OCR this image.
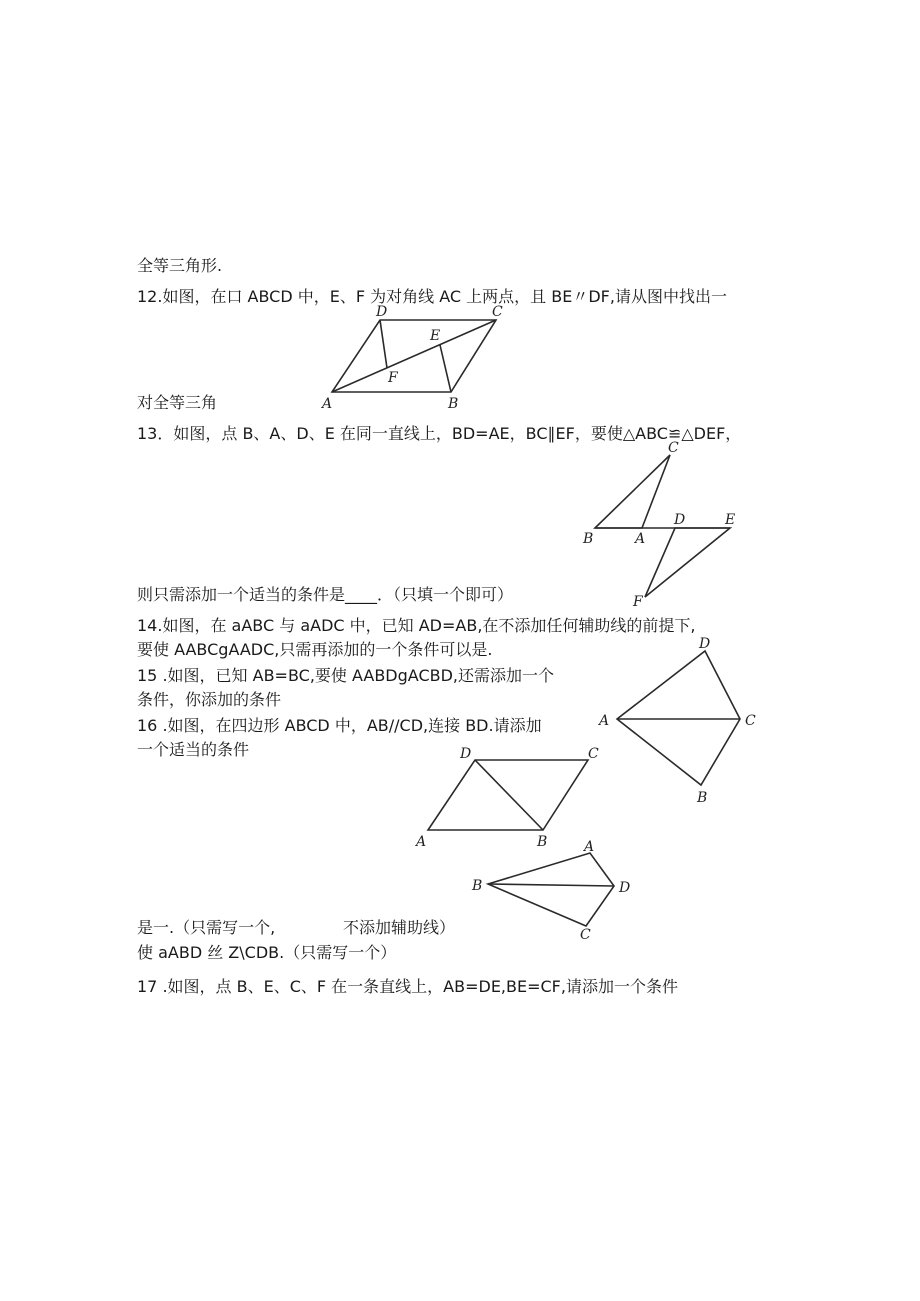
全等三角形.
12.如图，在口 ABCD 中，E、F 为对角线 AC 上两点，且 BE〃DF,请从图中找出一
A	B
C
D
E
F
对全等三角
13．如图，点 B、A、D、E 在同一直线上，BD=AE，BC∥EF，要使△ABC≌△DEF，
C
B	A
D	E
F
则只需添加一个适当的条件是____．（只填一个即可）
14.如图，在 aABC 与 aADC 中，已知 AD=AB,在不添加任何辅助线的前提下,
要使 AABCgAADC,只需再添加的一个条件可以是.
15 .如图，已知 AB=BC,要使 AABDgACBD,还需添加一个
条件，你添加的条件
16 .如图，在四边形 ABCD 中，AB//CD,连接 BD.请添加
一个适当的条件
A
D
C
B
A	B
C
D
B
A
D
C
是一.（只需写一个,	不添加辅助线）
使 aABD 丝 Z\CDB.（只需写一个）
17 .如图，点 B、E、C、F 在一条直线上，AB=DE,BE=CF,请添加一个条件
